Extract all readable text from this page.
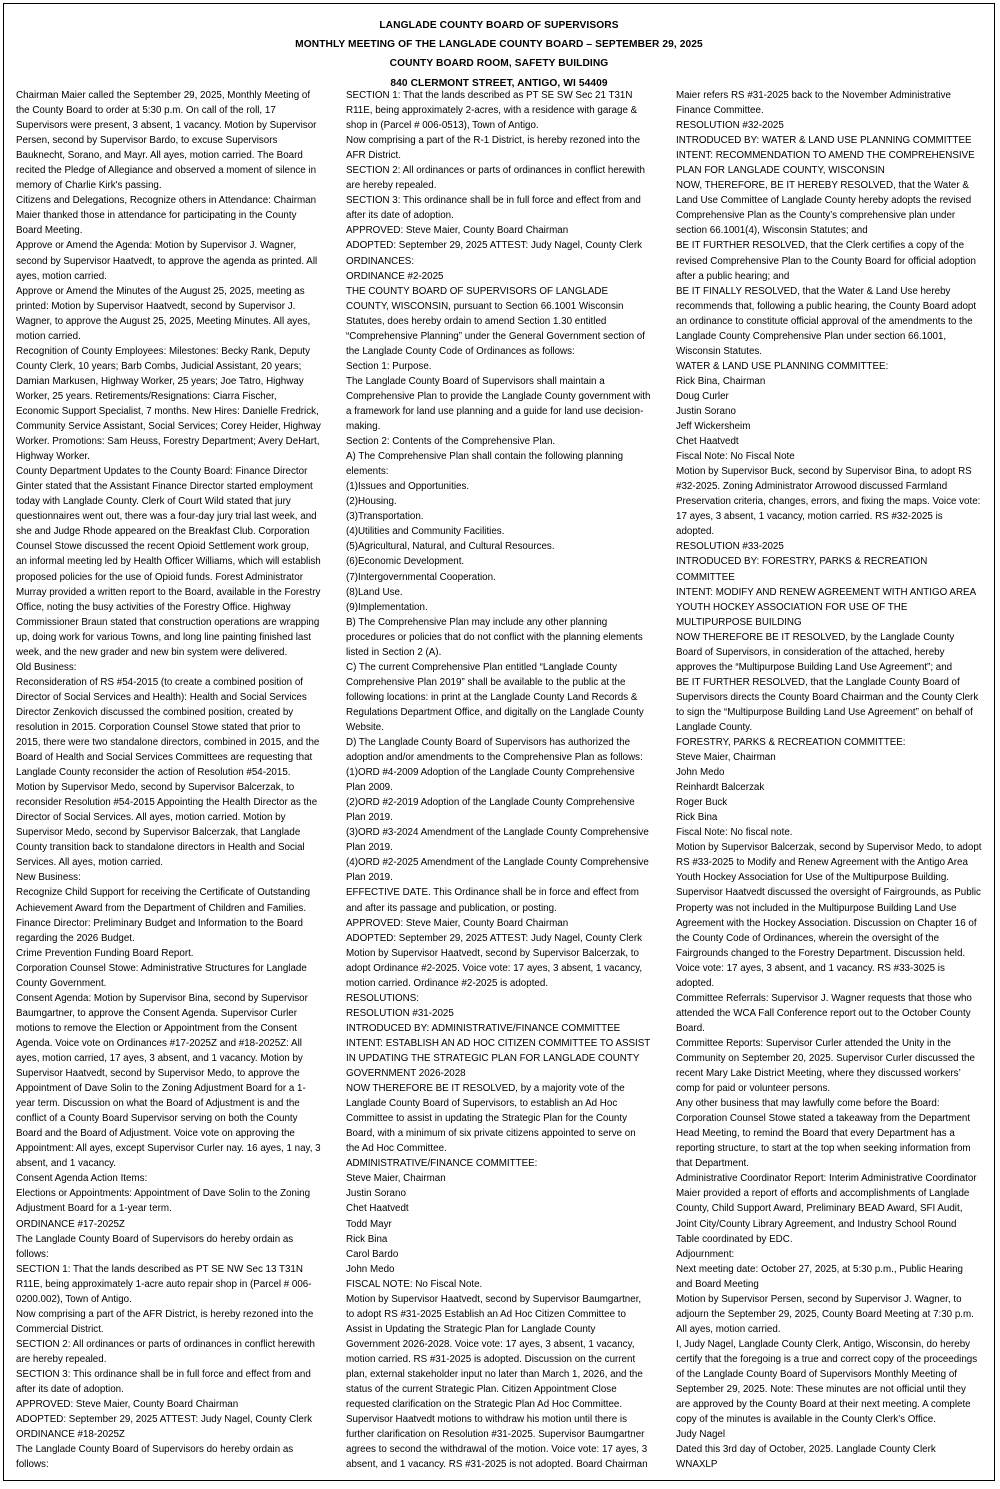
LANGLADE COUNTY BOARD OF SUPERVISORS
MONTHLY MEETING OF THE LANGLADE COUNTY BOARD – SEPTEMBER 29, 2025
COUNTY BOARD ROOM, SAFETY BUILDING
840 CLERMONT STREET, ANTIGO, WI 54409

Chairman Maier called the September 29, 2025, Monthly Meeting of the County Board to order at 5:30 p.m. On call of the roll, 17 Supervisors were present, 3 absent, 1 vacancy. Motion by Supervisor Persen, second by Supervisor Bardo, to excuse Supervisors Bauknecht, Sorano, and Mayr. All ayes, motion carried. The Board recited the Pledge of Allegiance and observed a moment of silence in memory of Charlie Kirk's passing.

Citizens and Delegations, Recognize others in Attendance: Chairman Maier thanked those in attendance for participating in the County Board Meeting.

Approve or Amend the Agenda: Motion by Supervisor J. Wagner, second by Supervisor Haatvedt, to approve the agenda as printed. All ayes, motion carried.

Approve or Amend the Minutes of the August 25, 2025, meeting as printed: Motion by Supervisor Haatvedt, second by Supervisor J. Wagner, to approve the August 25, 2025, Meeting Minutes. All ayes, motion carried.

Recognition of County Employees: Milestones: Becky Rank, Deputy County Clerk, 10 years; Barb Combs, Judicial Assistant, 20 years; Damian Markusen, Highway Worker, 25 years; Joe Tatro, Highway Worker, 25 years. Retirements/Resignations: Ciarra Fischer, Economic Support Specialist, 7 months. New Hires: Danielle Fredrick, Community Service Assistant, Social Services; Corey Heider, Highway Worker. Promotions: Sam Heuss, Forestry Department; Avery DeHart, Highway Worker.

County Department Updates to the County Board: Finance Director Ginter stated that the Assistant Finance Director started employment today with Langlade County. Clerk of Court Wild stated that jury questionnaires went out, there was a four-day jury trial last week, and she and Judge Rhode appeared on the Breakfast Club. Corporation Counsel Stowe discussed the recent Opioid Settlement work group, an informal meeting led by Health Officer Williams, which will establish proposed policies for the use of Opioid funds. Forest Administrator Murray provided a written report to the Board, available in the Forestry Office, noting the busy activities of the Forestry Office. Highway Commissioner Braun stated that construction operations are wrapping up, doing work for various Towns, and long line painting finished last week, and the new grader and new bin system were delivered.

Old Business:

Reconsideration of RS #54-2015 (to create a combined position of Director of Social Services and Health): Health and Social Services Director Zenkovich discussed the combined position, created by resolution in 2015. Corporation Counsel Stowe stated that prior to 2015, there were two standalone directors, combined in 2015, and the Board of Health and Social Services Committees are requesting that Langlade County reconsider the action of Resolution #54-2015. Motion by Supervisor Medo, second by Supervisor Balcerzak, to reconsider Resolution #54-2015 Appointing the Health Director as the Director of Social Services. All ayes, motion carried. Motion by Supervisor Medo, second by Supervisor Balcerzak, that Langlade County transition back to standalone directors in Health and Social Services. All ayes, motion carried.

New Business:

Recognize Child Support for receiving the Certificate of Outstanding Achievement Award from the Department of Children and Families.

Finance Director: Preliminary Budget and Information to the Board regarding the 2026 Budget.

Crime Prevention Funding Board Report.

Corporation Counsel Stowe: Administrative Structures for Langlade County Government.

Consent Agenda: Motion by Supervisor Bina, second by Supervisor Baumgartner, to approve the Consent Agenda. Supervisor Curler motions to remove the Election or Appointment from the Consent Agenda. Voice vote on Ordinances #17-2025Z and #18-2025Z: All ayes, motion carried, 17 ayes, 3 absent, and 1 vacancy. Motion by Supervisor Haatvedt, second by Supervisor Medo, to approve the Appointment of Dave Solin to the Zoning Adjustment Board for a 1-year term. Discussion on what the Board of Adjustment is and the conflict of a County Board Supervisor serving on both the County Board and the Board of Adjustment. Voice vote on approving the Appointment: All ayes, except Supervisor Curler nay. 16 ayes, 1 nay, 3 absent, and 1 vacancy.

Consent Agenda Action Items:

Elections or Appointments: Appointment of Dave Solin to the Zoning Adjustment Board for a 1-year term.

ORDINANCE #17-2025Z

The Langlade County Board of Supervisors do hereby ordain as follows:

SECTION 1: That the lands described as PT SE NW Sec 13 T31N R11E, being approximately 1-acre auto repair shop in (Parcel # 006-0200.002), Town of Antigo.

Now comprising a part of the AFR District, is hereby rezoned into the Commercial District.

SECTION 2: All ordinances or parts of ordinances in conflict herewith are hereby repealed.

SECTION 3: This ordinance shall be in full force and effect from and after its date of adoption.

APPROVED: Steve Maier, County Board Chairman

ADOPTED: September 29, 2025 ATTEST: Judy Nagel, County Clerk

ORDINANCE #18-2025Z

The Langlade County Board of Supervisors do hereby ordain as follows:

SECTION 1: That the lands described as PT SE SW Sec 21 T31N R11E, being approximately 2-acres, with a residence with garage & shop in (Parcel # 006-0513), Town of Antigo.

Now comprising a part of the R-1 District, is hereby rezoned into the AFR District.

SECTION 2: All ordinances or parts of ordinances in conflict herewith are hereby repealed.

SECTION 3: This ordinance shall be in full force and effect from and after its date of adoption.

APPROVED: Steve Maier, County Board Chairman

ADOPTED: September 29, 2025 ATTEST: Judy Nagel, County Clerk

ORDINANCES:

ORDINANCE #2-2025

THE COUNTY BOARD OF SUPERVISORS OF LANGLADE COUNTY, WISCONSIN, pursuant to Section 66.1001 Wisconsin Statutes, does hereby ordain to amend Section 1.30 entitled “Comprehensive Planning” under the General Government section of the Langlade County Code of Ordinances as follows:

Section 1: Purpose.

The Langlade County Board of Supervisors shall maintain a Comprehensive Plan to provide the Langlade County government with a framework for land use planning and a guide for land use decision-making.

Section 2: Contents of the Comprehensive Plan.

A) The Comprehensive Plan shall contain the following planning elements:

(1)Issues and Opportunities.

(2)Housing.

(3)Transportation.

(4)Utilities and Community Facilities.

(5)Agricultural, Natural, and Cultural Resources.

(6)Economic Development.

(7)Intergovernmental Cooperation.

(8)Land Use.

(9)Implementation.

B) The Comprehensive Plan may include any other planning procedures or policies that do not conflict with the planning elements listed in Section 2 (A).

C) The current Comprehensive Plan entitled “Langlade County Comprehensive Plan 2019” shall be available to the public at the following locations: in print at the Langlade County Land Records & Regulations Department Office, and digitally on the Langlade County Website.

D) The Langlade County Board of Supervisors has authorized the adoption and/or amendments to the Comprehensive Plan as follows:

(1)ORD #4-2009 Adoption of the Langlade County Comprehensive Plan 2009.

(2)ORD #2-2019 Adoption of the Langlade County Comprehensive Plan 2019.

(3)ORD #3-2024 Amendment of the Langlade County Comprehensive Plan 2019.

(4)ORD #2-2025 Amendment of the Langlade County Comprehensive Plan 2019.

EFFECTIVE DATE. This Ordinance shall be in force and effect from and after its passage and publication, or posting.

APPROVED: Steve Maier, County Board Chairman

ADOPTED: September 29, 2025 ATTEST: Judy Nagel, County Clerk

Motion by Supervisor Haatvedt, second by Supervisor Balcerzak, to adopt Ordinance #2-2025. Voice vote: 17 ayes, 3 absent, 1 vacancy, motion carried. Ordinance #2-2025 is adopted.

RESOLUTIONS:

RESOLUTION #31-2025

INTRODUCED BY: ADMINISTRATIVE/FINANCE COMMITTEE

INTENT: ESTABLISH AN AD HOC CITIZEN COMMITTEE TO ASSIST IN UPDATING THE STRATEGIC PLAN FOR LANGLADE COUNTY GOVERNMENT 2026-2028

NOW THEREFORE BE IT RESOLVED, by a majority vote of the Langlade County Board of Supervisors, to establish an Ad Hoc Committee to assist in updating the Strategic Plan for the County Board, with a minimum of six private citizens appointed to serve on the Ad Hoc Committee.

ADMINISTRATIVE/FINANCE COMMITTEE:

Steve Maier, Chairman

Justin Sorano

Chet Haatvedt

Todd Mayr

Rick Bina

Carol Bardo

John Medo

FISCAL NOTE: No Fiscal Note.

Motion by Supervisor Haatvedt, second by Supervisor Baumgartner, to adopt RS #31-2025 Establish an Ad Hoc Citizen Committee to Assist in Updating the Strategic Plan for Langlade County Government 2026-2028. Voice vote: 17 ayes, 3 absent, 1 vacancy, motion carried. RS #31-2025 is adopted. Discussion on the current plan, external stakeholder input no later than March 1, 2026, and the status of the current Strategic Plan. Citizen Appointment Close requested clarification on the Strategic Plan Ad Hoc Committee. Supervisor Haatvedt motions to withdraw his motion until there is further clarification on Resolution #31-2025. Supervisor Baumgartner agrees to second the withdrawal of the motion. Voice vote: 17 ayes, 3 absent, and 1 vacancy. RS #31-2025 is not adopted. Board Chairman Maier refers RS #31-2025 back to the November Administrative Finance Committee.

RESOLUTION #32-2025

INTRODUCED BY: WATER & LAND USE PLANNING COMMITTEE

INTENT: RECOMMENDATION TO AMEND THE COMPREHENSIVE PLAN FOR LANGLADE COUNTY, WISCONSIN

NOW, THEREFORE, BE IT HEREBY RESOLVED, that the Water & Land Use Committee of Langlade County hereby adopts the revised Comprehensive Plan as the County’s comprehensive plan under section 66.1001(4), Wisconsin Statutes; and

BE IT FURTHER RESOLVED, that the Clerk certifies a copy of the revised Comprehensive Plan to the County Board for official adoption after a public hearing; and

BE IT FINALLY RESOLVED, that the Water & Land Use hereby recommends that, following a public hearing, the County Board adopt an ordinance to constitute official approval of the amendments to the Langlade County Comprehensive Plan under section 66.1001, Wisconsin Statutes.

WATER & LAND USE PLANNING COMMITTEE:

Rick Bina, Chairman

Doug Curler

Justin Sorano

Jeff Wickersheim

Chet Haatvedt

Fiscal Note: No Fiscal Note

Motion by Supervisor Buck, second by Supervisor Bina, to adopt RS #32-2025. Zoning Administrator Arrowood discussed Farmland Preservation criteria, changes, errors, and fixing the maps. Voice vote: 17 ayes, 3 absent, 1 vacancy, motion carried. RS #32-2025 is adopted.

RESOLUTION #33-2025

INTRODUCED BY: FORESTRY, PARKS & RECREATION COMMITTEE

INTENT: MODIFY AND RENEW AGREEMENT WITH ANTIGO AREA YOUTH HOCKEY ASSOCIATION FOR USE OF THE MULTIPURPOSE BUILDING

NOW THEREFORE BE IT RESOLVED, by the Langlade County Board of Supervisors, in consideration of the attached, hereby approves the “Multipurpose Building Land Use Agreement”; and

BE IT FURTHER RESOLVED, that the Langlade County Board of Supervisors directs the County Board Chairman and the County Clerk to sign the “Multipurpose Building Land Use Agreement” on behalf of Langlade County.

FORESTRY, PARKS & RECREATION COMMITTEE:

Steve Maier, Chairman

John Medo

Reinhardt Balcerzak

Roger Buck

Rick Bina

Fiscal Note: No fiscal note.

Motion by Supervisor Balcerzak, second by Supervisor Medo, to adopt RS #33-2025 to Modify and Renew Agreement with the Antigo Area Youth Hockey Association for Use of the Multipurpose Building. Supervisor Haatvedt discussed the oversight of Fairgrounds, as Public Property was not included in the Multipurpose Building Land Use Agreement with the Hockey Association. Discussion on Chapter 16 of the County Code of Ordinances, wherein the oversight of the Fairgrounds changed to the Forestry Department. Discussion held. Voice vote: 17 ayes, 3 absent, and 1 vacancy. RS #33-3025 is adopted.

Committee Referrals: Supervisor J. Wagner requests that those who attended the WCA Fall Conference report out to the October County Board.

Committee Reports: Supervisor Curler attended the Unity in the Community on September 20, 2025. Supervisor Curler discussed the recent Mary Lake District Meeting, where they discussed workers’ comp for paid or volunteer persons.

Any other business that may lawfully come before the Board: Corporation Counsel Stowe stated a takeaway from the Department Head Meeting, to remind the Board that every Department has a reporting structure, to start at the top when seeking information from that Department.

Administrative Coordinator Report: Interim Administrative Coordinator Maier provided a report of efforts and accomplishments of Langlade County, Child Support Award, Preliminary BEAD Award, SFI Audit, Joint City/County Library Agreement, and Industry School Round Table coordinated by EDC.

Adjournment:

Next meeting date: October 27, 2025, at 5:30 p.m., Public Hearing and Board Meeting

Motion by Supervisor Persen, second by Supervisor J. Wagner, to adjourn the September 29, 2025, County Board Meeting at 7:30 p.m. All ayes, motion carried.

I, Judy Nagel, Langlade County Clerk, Antigo, Wisconsin, do hereby certify that the foregoing is a true and correct copy of the proceedings of the Langlade County Board of Supervisors Monthly Meeting of September 29, 2025. Note: These minutes are not official until they are approved by the County Board at their next meeting. A complete copy of the minutes is available in the County Clerk’s Office.

Judy Nagel

Dated this 3rd day of October, 2025. Langlade County Clerk

WNAXLP
